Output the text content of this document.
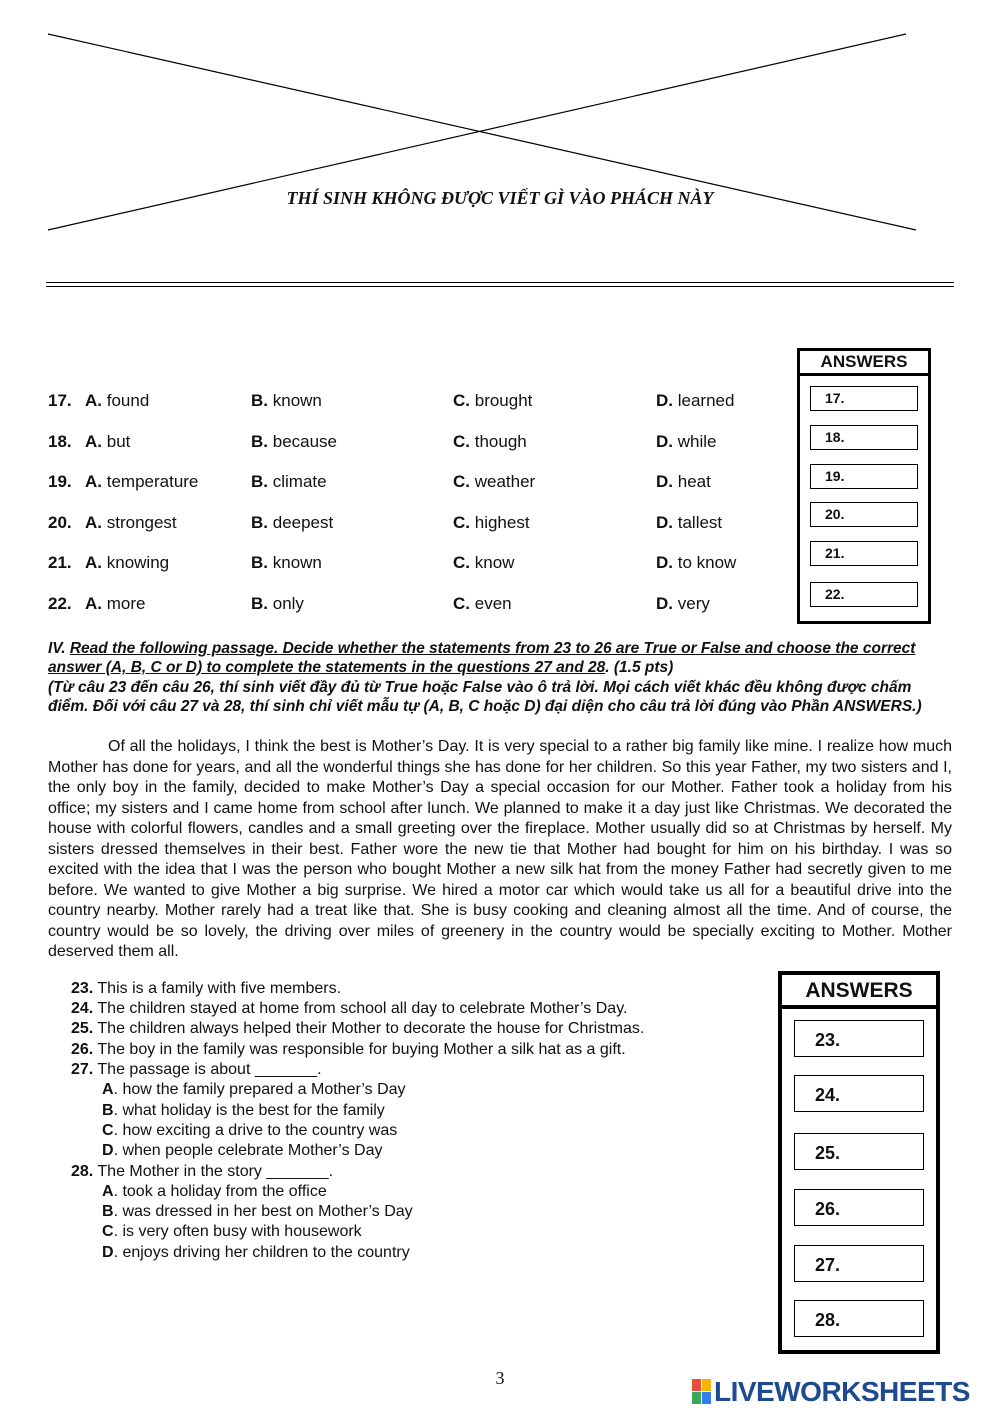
THÍ SINH KHÔNG ĐƯỢC VIẾT GÌ VÀO PHÁCH NÀY
17. A. found	B. known	C. brought	D. learned
18. A. but	B. because	C. though	D. while
19. A. temperature	B. climate	C. weather	D. heat
20. A. strongest	B. deepest	C. highest	D. tallest
21. A. knowing	B. known	C. know	D. to know
22. A. more	B. only	C. even	D. very
ANSWERS
17.
18.
19.
20.
21.
22.
IV. Read the following passage. Decide whether the statements from 23 to 26 are True or False and choose the correct answer (A, B, C or D) to complete the statements in the questions 27 and 28. (1.5 pts)
(Từ câu 23 đến câu 26, thí sinh viết đầy đủ từ True hoặc False vào ô trả lời. Mọi cách viết khác đều không được chấm điểm. Đối với câu 27 và 28, thí sinh chỉ viết mẫu tự (A, B, C hoặc D) đại diện cho câu trả lời đúng vào Phần ANSWERS.)

Of all the holidays, I think the best is Mother’s Day. It is very special to a rather big family like mine. I realize how much Mother has done for years, and all the wonderful things she has done for her children. So this year Father, my two sisters and I, the only boy in the family, decided to make Mother’s Day a special occasion for our Mother. Father took a holiday from his office; my sisters and I came home from school after lunch. We planned to make it a day just like Christmas. We decorated the house with colorful flowers, candles and a small greeting over the fireplace. Mother usually did so at Christmas by herself. My sisters dressed themselves in their best. Father wore the new tie that Mother had bought for him on his birthday. I was so excited with the idea that I was the person who bought Mother a new silk hat from the money Father had secretly given to me before. We wanted to give Mother a big surprise. We hired a motor car which would take us all for a beautiful drive into the country nearby. Mother rarely had a treat like that. She is busy cooking and cleaning almost all the time. And of course, the country would be so lovely, the driving over miles of greenery in the country would be specially exciting to Mother. Mother deserved them all.

23. This is a family with five members.
24. The children stayed at home from school all day to celebrate Mother’s Day.
25. The children always helped their Mother to decorate the house for Christmas.
26. The boy in the family was responsible for buying Mother a silk hat as a gift.
27. The passage is about _______.
A. how the family prepared a Mother’s Day
B. what holiday is the best for the family
C. how exciting a drive to the country was
D. when people celebrate Mother’s Day
28. The Mother in the story _______.
A. took a holiday from the office
B. was dressed in her best on Mother’s Day
C. is very often busy with housework
D. enjoys driving her children to the country
ANSWERS
23.
24.
25.
26.
27.
28.
3	LIVEWORKSHEETS
